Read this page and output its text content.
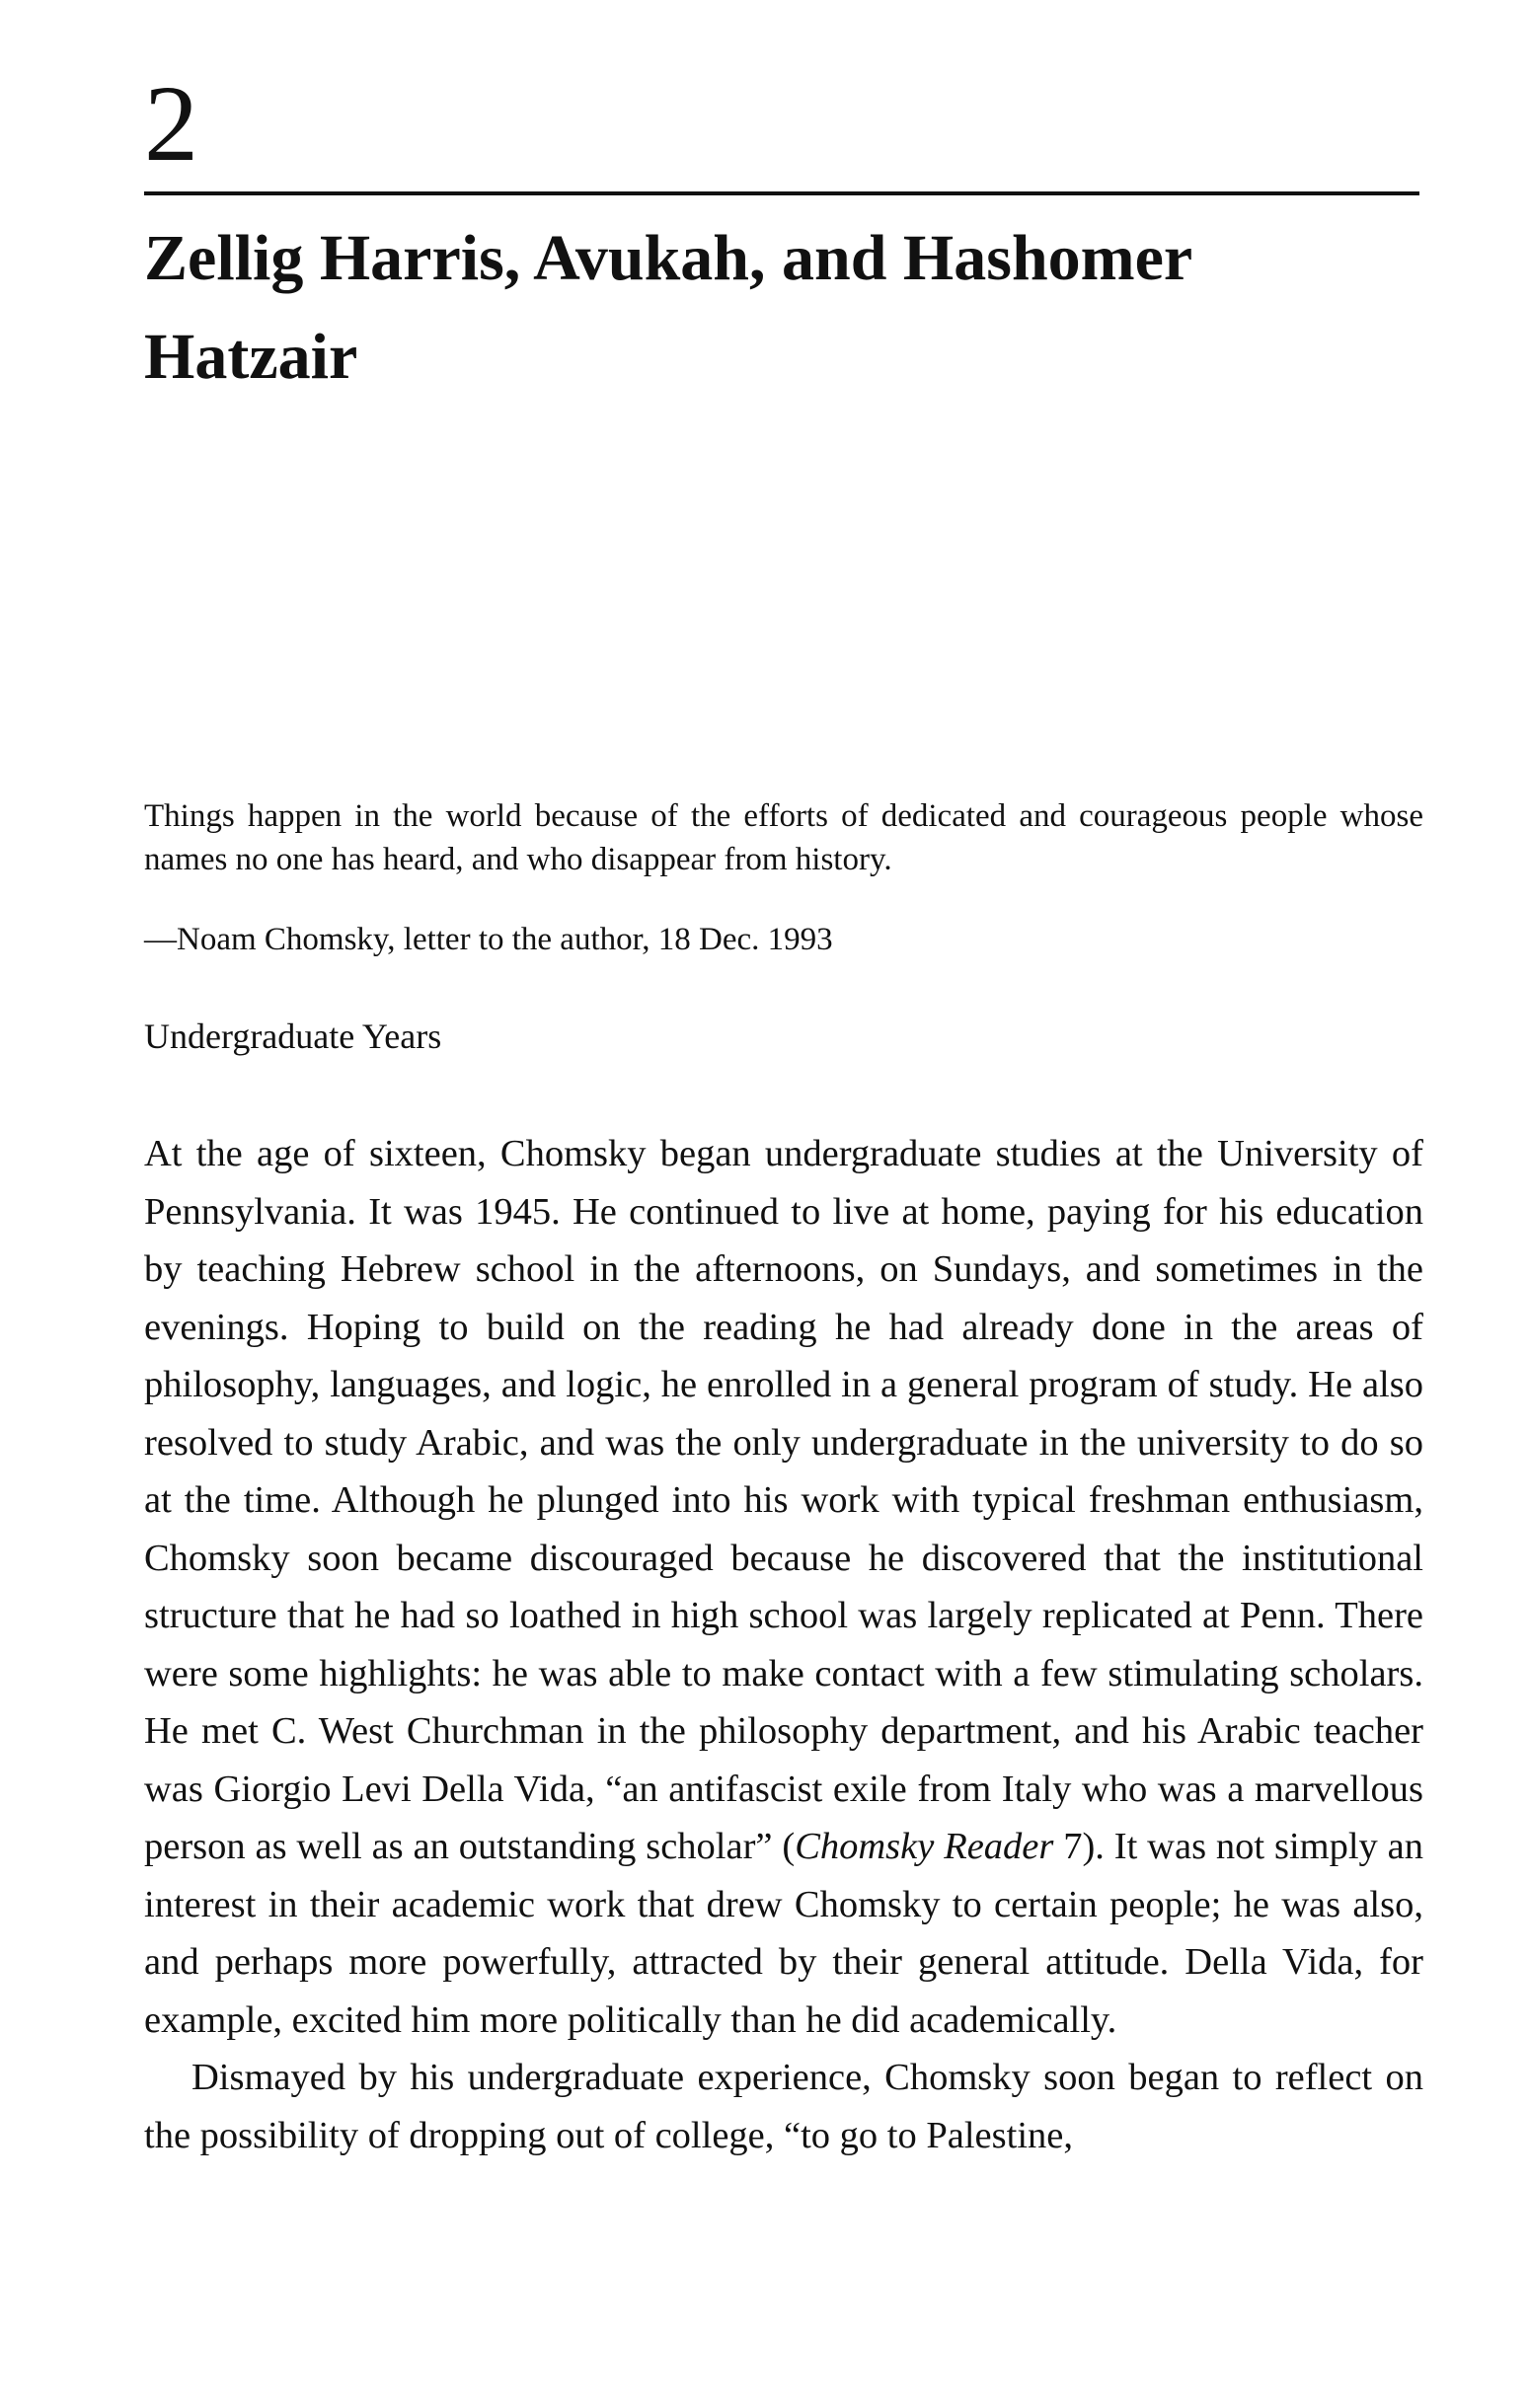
2
Zellig Harris, Avukah, and Hashomer Hatzair

Things happen in the world because of the efforts of dedicated and courageous people whose names no one has heard, and who disappear from history.

—Noam Chomsky, letter to the author, 18 Dec. 1993

Undergraduate Years

At the age of sixteen, Chomsky began undergraduate studies at the University of Pennsylvania. It was 1945. He continued to live at home, paying for his education by teaching Hebrew school in the afternoons, on Sundays, and sometimes in the evenings. Hoping to build on the reading he had already done in the areas of philosophy, languages, and logic, he enrolled in a general program of study. He also resolved to study Arabic, and was the only undergraduate in the university to do so at the time. Although he plunged into his work with typical freshman enthusiasm, Chomsky soon became discouraged because he discovered that the institutional structure that he had so loathed in high school was largely replicated at Penn. There were some highlights: he was able to make contact with a few stimulating scholars. He met C. West Churchman in the philosophy department, and his Arabic teacher was Giorgio Levi Della Vida, “an antifascist exile from Italy who was a marvellous person as well as an outstanding scholar” (Chomsky Reader 7). It was not simply an interest in their academic work that drew Chomsky to certain people; he was also, and perhaps more powerfully, attracted by their general attitude. Della Vida, for example, excited him more politically than he did academically.

Dismayed by his undergraduate experience, Chomsky soon began to reflect on the possibility of dropping out of college, “to go to Palestine,
